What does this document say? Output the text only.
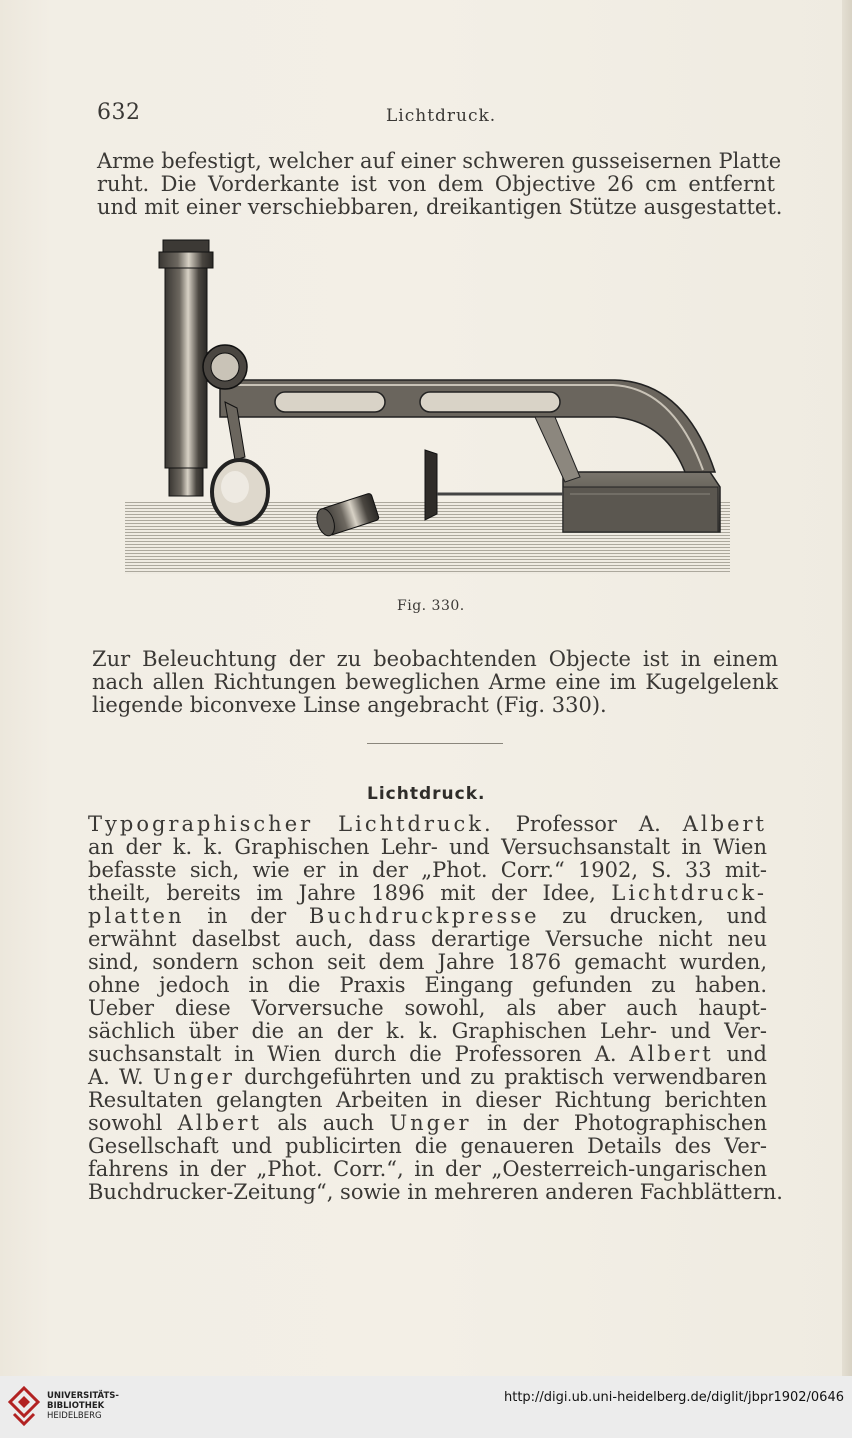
632	Lichtdruck.
Arme befestigt, welcher auf einer schweren gusseisernen Platte
ruht. Die Vorderkante ist von dem Objective 26 cm entfernt
und mit einer verschiebbaren, dreikantigen Stütze ausgestattet.
Fig. 330.
Zur Beleuchtung der zu beobachtenden Objecte ist in einem
nach allen Richtungen beweglichen Arme eine im Kugelgelenk
liegende biconvexe Linse angebracht (Fig. 330).
Lichtdruck.
Typographischer Lichtdruck. Professor A. Albert
an der k. k. Graphischen Lehr- und Versuchsanstalt in Wien
befasste sich, wie er in der „Phot. Corr.“ 1902, S. 33 mit-
theilt, bereits im Jahre 1896 mit der Idee, Lichtdruck-
platten in der Buchdruckpresse zu drucken, und
erwähnt daselbst auch, dass derartige Versuche nicht neu
sind, sondern schon seit dem Jahre 1876 gemacht wurden,
ohne jedoch in die Praxis Eingang gefunden zu haben.
Ueber diese Vorversuche sowohl, als aber auch haupt-
sächlich über die an der k. k. Graphischen Lehr- und Ver-
suchsanstalt in Wien durch die Professoren A. Albert und
A. W. Unger durchgeführten und zu praktisch verwendbaren
Resultaten gelangten Arbeiten in dieser Richtung berichten
sowohl Albert als auch Unger in der Photographischen
Gesellschaft und publicirten die genaueren Details des Ver-
fahrens in der „Phot. Corr.“, in der „Oesterreich-ungarischen
Buchdrucker-Zeitung“, sowie in mehreren anderen Fachblättern.
UNIVERSITÄTS-
BIBLIOTHEK
HEIDELBERG
http://digi.ub.uni-heidelberg.de/diglit/jbpr1902/0646
